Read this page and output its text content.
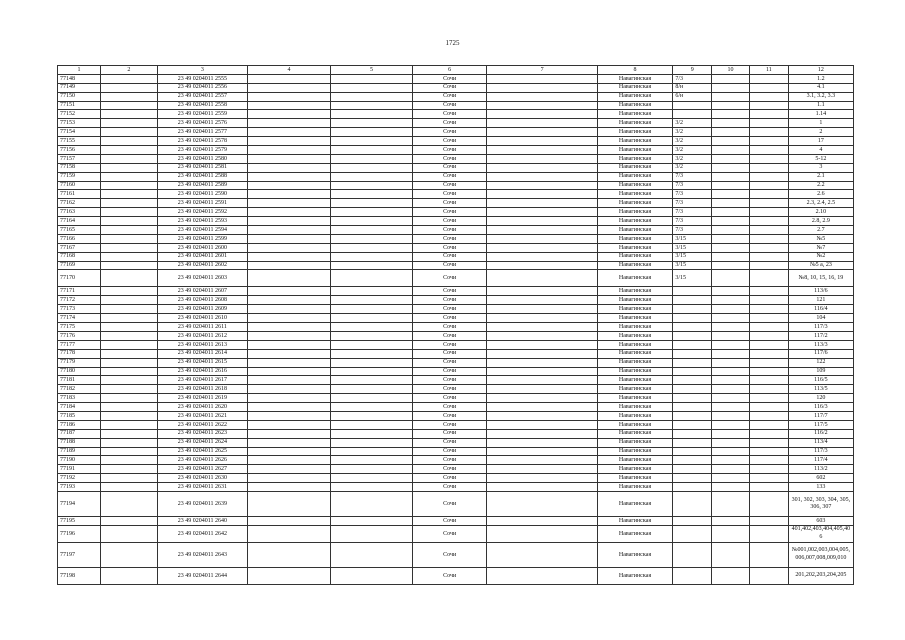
1725
1	2	3	4	5	6	7	8	9	10	11	12
77148		23 49 0204011 2555			Сочи		Навагинская	7/3			1.2
77149		23 49 0204011 2556			Сочи		Навагинская	8/н			4.1
77150		23 49 0204011 2557			Сочи		Навагинская	6/н			3.1, 3.2, 3.3
77151		23 49 0204011 2558			Сочи		Навагинская				1.1
77152		23 49 0204011 2559			Сочи		Навагинская				1.14
77153		23 49 0204011 2576			Сочи		Навагинская	3/2			1
77154		23 49 0204011 2577			Сочи		Навагинская	3/2			2
77155		23 49 0204011 2578			Сочи		Навагинская	3/2			17
77156		23 49 0204011 2579			Сочи		Навагинская	3/2			4
77157		23 49 0204011 2580			Сочи		Навагинская	3/2			5-12
77158		23 49 0204011 2581			Сочи		Навагинская	3/2			3
77159		23 49 0204011 2588			Сочи		Навагинская	7/3			2.1
77160		23 49 0204011 2589			Сочи		Навагинская	7/3			2.2
77161		23 49 0204011 2590			Сочи		Навагинская	7/3			2.6
77162		23 49 0204011 2591			Сочи		Навагинская	7/3			2.3, 2.4, 2.5
77163		23 49 0204011 2592			Сочи		Навагинская	7/3			2.10
77164		23 49 0204011 2593			Сочи		Навагинская	7/3			2.8, 2.9
77165		23 49 0204011 2594			Сочи		Навагинская	7/3			2.7
77166		23 49 0204011 2599			Сочи		Навагинская	3/15			№5
77167		23 49 0204011 2600			Сочи		Навагинская	3/15			№7
77168		23 49 0204011 2601			Сочи		Навагинская	3/15			№2
77169		23 49 0204011 2602			Сочи		Навагинская	3/15			№5 а, 23
77170		23 49 0204011 2603			Сочи		Навагинская	3/15			№8, 10, 15, 16, 19
77171		23 49 0204011 2607			Сочи		Навагинская				113/6
77172		23 49 0204011 2608			Сочи		Навагинская				121
77173		23 49 0204011 2609			Сочи		Навагинская				116/4
77174		23 49 0204011 2610			Сочи		Навагинская				104
77175		23 49 0204011 2611			Сочи		Навагинская				117/3
77176		23 49 0204011 2612			Сочи		Навагинская				117/2
77177		23 49 0204011 2613			Сочи		Навагинская				113/3
77178		23 49 0204011 2614			Сочи		Навагинская				117/6
77179		23 49 0204011 2615			Сочи		Навагинская				122
77180		23 49 0204011 2616			Сочи		Навагинская				109
77181		23 49 0204011 2617			Сочи		Навагинская				116/5
77182		23 49 0204011 2618			Сочи		Навагинская				113/5
77183		23 49 0204011 2619			Сочи		Навагинская				120
77184		23 49 0204011 2620			Сочи		Навагинская				116/3
77185		23 49 0204011 2621			Сочи		Навагинская				117/7
77186		23 49 0204011 2622			Сочи		Навагинская				117/5
77187		23 49 0204011 2623			Сочи		Навагинская				116/2
77188		23 49 0204011 2624			Сочи		Навагинская				113/4
77189		23 49 0204011 2625			Сочи		Навагинская				117/3
77190		23 49 0204011 2626			Сочи		Навагинская				117/4
77191		23 49 0204011 2627			Сочи		Навагинская				113/2
77192		23 49 0204011 2630			Сочи		Навагинская				602
77193		23 49 0204011 2631			Сочи		Навагинская				133
77194		23 49 0204011 2639			Сочи		Навагинская				301, 302, 303, 304, 305, 306, 307
77195		23 49 0204011 2640			Сочи		Навагинская				603
77196		23 49 0204011 2642			Сочи		Навагинская				401,402,403,404,405,406
77197		23 49 0204011 2643			Сочи		Навагинская				№001,002,003,004,005,006,007,008,009,010
77198		23 49 0204011 2644			Сочи		Навагинская				201,202,203,204,205
